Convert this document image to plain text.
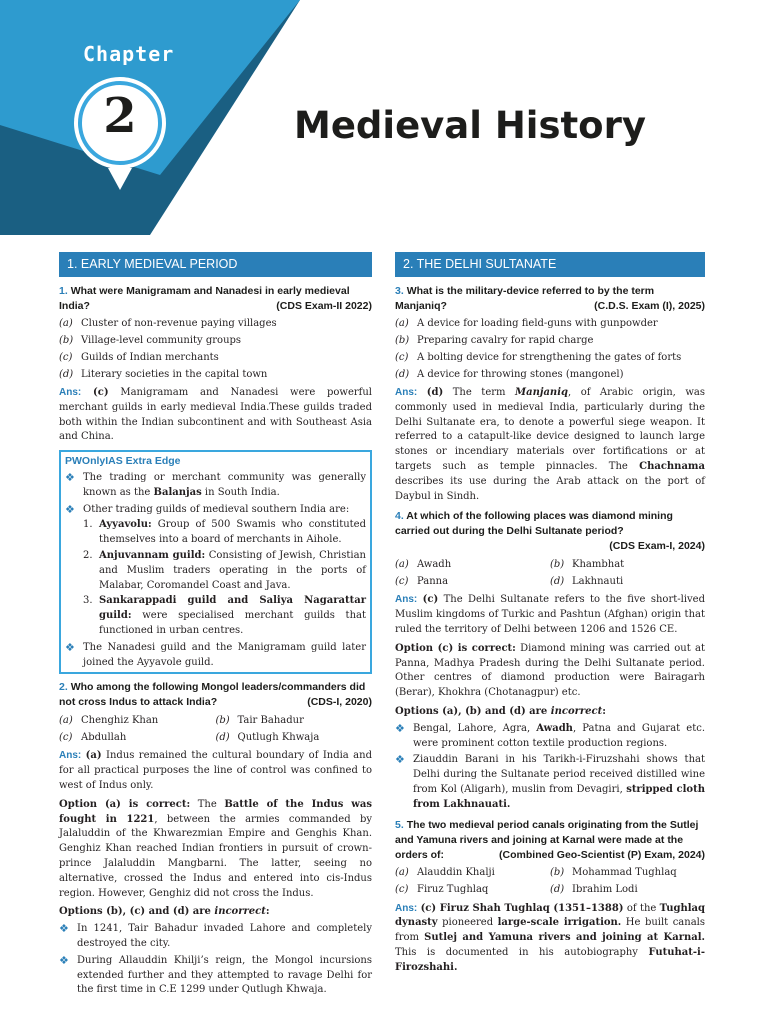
Chapter
2	Medieval History
1. EARLY MEDIEVAL PERIOD
1. What were Manigramam and Nanadesi in early medieval
India?	(CDS Exam-II 2022)
(a) Cluster of non-revenue paying villages
(b) Village-level community groups
(c) Guilds of Indian merchants
(d) Literary societies in the capital town

Ans: (c) Manigramam and Nanadesi were powerful merchant guilds in early medieval India.These guilds traded both within the Indian subcontinent and with Southeast Asia and China.

PWOnlyIAS Extra Edge
❖ The trading or merchant community was generally known as the Balanjas in South India.
❖ Other trading guilds of medieval southern India are:
1. Ayyavolu: Group of 500 Swamis who constituted themselves into a board of merchants in Aihole.
2. Anjuvannam guild: Consisting of Jewish, Christian and Muslim traders operating in the ports of Malabar, Coromandel Coast and Java.
3. Sankarappadi guild and Saliya Nagarattar guild: were specialised merchant guilds that functioned in urban centres.
❖ The Nanadesi guild and the Manigramam guild later joined the Ayyavole guild.
2. Who among the following Mongol leaders/commanders did
not cross Indus to attack India?	(CDS-I, 2020)
(a) Chenghiz Khan	(b) Tair Bahadur
(c) Abdullah	(d) Qutlugh Khwaja

Ans: (a) Indus remained the cultural boundary of India and for all practical purposes the line of control was confined to west of Indus only.

Option (a) is correct: The Battle of the Indus was fought in 1221, between the armies commanded by Jalaluddin of the Khwarezmian Empire and Genghis Khan. Genghiz Khan reached Indian frontiers in pursuit of crown- prince Jalaluddin Mangbarni. The latter, seeing no alternative, crossed the Indus and entered into cis-Indus region. However, Genghiz did not cross the Indus.

Options (b), (c) and (d) are incorrect:

❖ In 1241, Tair Bahadur invaded Lahore and completely destroyed the city.
❖ During Allauddin Khilji’s reign, the Mongol incursions extended further and they attempted to ravage Delhi for the first time in C.E 1299 under Qutlugh Khwaja.
2. THE DELHI SULTANATE
3. What is the military-device referred to by the term
Manjaniq?	(C.D.S. Exam (I), 2025)
(a) A device for loading field-guns with gunpowder
(b) Preparing cavalry for rapid charge
(c) A bolting device for strengthening the gates of forts
(d) A device for throwing stones (mangonel)

Ans: (d) The term Manjaniq, of Arabic origin, was commonly used in medieval India, particularly during the Delhi Sultanate era, to denote a powerful siege weapon. It referred to a catapult-like device designed to launch large stones or incendiary materials over fortifications or at targets such as temple pinnacles. The Chachnama describes its use during the Arab attack on the port of Daybul in Sindh.

4. At which of the following places was diamond mining carried out during the Delhi Sultanate period?
(CDS Exam-I, 2024)
(a) Awadh	(b) Khambhat
(c) Panna	(d) Lakhnauti

Ans: (c) The Delhi Sultanate refers to the five short-lived Muslim kingdoms of Turkic and Pashtun (Afghan) origin that ruled the territory of Delhi between 1206 and 1526 CE.

Option (c) is correct: Diamond mining was carried out at Panna, Madhya Pradesh during the Delhi Sultanate period. Other centres of diamond production were Bairagarh (Berar), Khokhra (Chotanagpur) etc.

Options (a), (b) and (d) are incorrect:

❖ Bengal, Lahore, Agra, Awadh, Patna and Gujarat etc. were prominent cotton textile production regions.
❖ Ziauddin Barani in his Tarikh-i-Firuzshahi shows that Delhi during the Sultanate period received distilled wine from Kol (Aligarh), muslin from Devagiri, stripped cloth from Lakhnauati.
5. The two medieval period canals originating from the Sutlej and Yamuna rivers and joining at Karnal were made at the orders of:	(Combined Geo-Scientist (P) Exam, 2024)
(a) Alauddin Khalji	(b) Mohammad Tughlaq
(c) Firuz Tughlaq	(d) Ibrahim Lodi

Ans: (c) Firuz Shah Tughlaq (1351–1388) of the Tughlaq dynasty pioneered large-scale irrigation. He built canals from Sutlej and Yamuna rivers and joining at Karnal. This is documented in his autobiography Futuhat-i-Firozshahi.
